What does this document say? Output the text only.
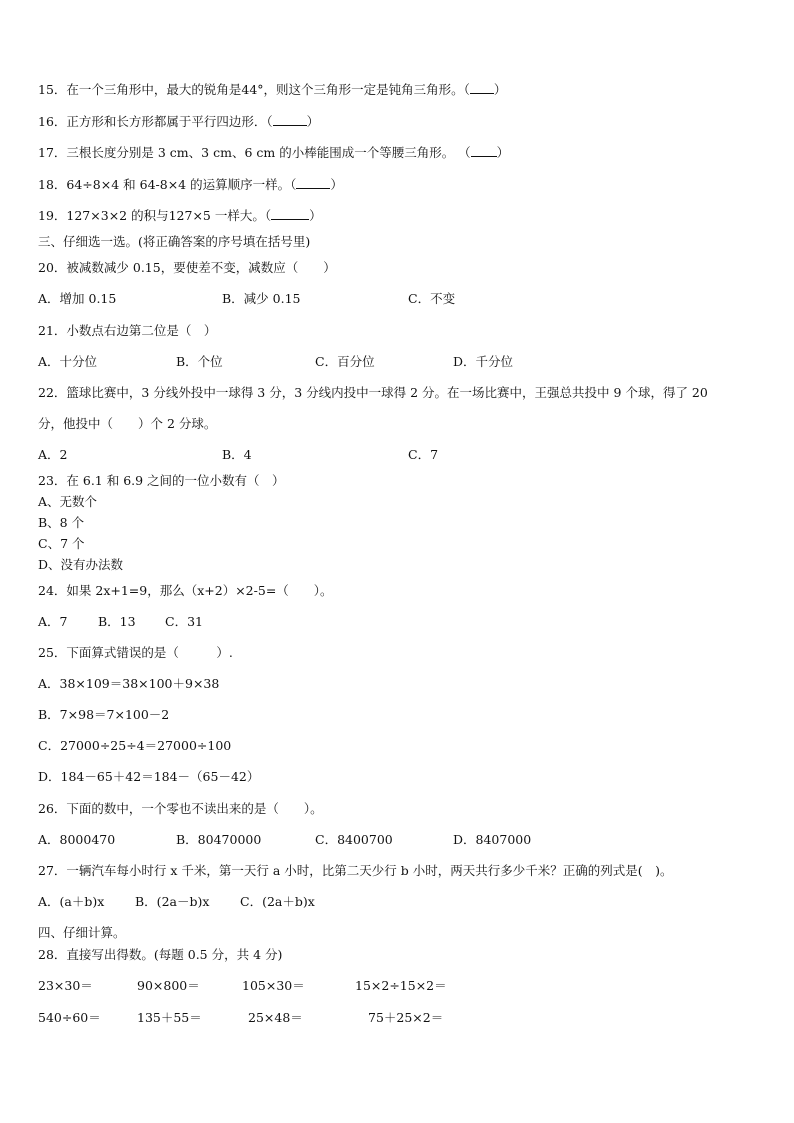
15．在一个三角形中，最大的锐角是44°，则这个三角形一定是钝角三角形。（ ）
16．正方形和长方形都属于平行四边形．（	）
17．三根长度分别是 3 cm、3 cm、6 cm 的小棒能围成一个等腰三角形。 （ ）
18．64÷8×4 和 64-8×4 的运算顺序一样。（	）
19．127×3×2 的积与127×5 一样大。（	）
三、仔细选一选。(将正确答案的序号填在括号里)
20．被减数减少 0.15，要使差不变，减数应（　　）
A．增加 0.15	B．减少 0.15	C．不变
21．小数点右边第二位是（　）
A．十分位	B．个位	C．百分位	D．千分位
22．篮球比赛中，3 分线外投中一球得 3 分，3 分线内投中一球得 2 分。在一场比赛中，王强总共投中 9 个球，得了 20
分，他投中（　　）个 2 分球。
A．2	B．4	C．7
23．在 6.1 和 6.9 之间的一位小数有（　）
A、无数个
B、8 个
C、7 个
D、没有办法数
24．如果 2x+1=9，那么（x+2）×2-5=（　　）。
A．7 B．13 C．31
25．下面算式错误的是（　　　）.
A．38×109＝38×100＋9×38
B．7×98＝7×100－2
C．27000÷25÷4＝27000÷100
D．184－65＋42＝184－（65－42）
26．下面的数中，一个零也不读出来的是（　　）。
A．8000470	B．80470000	C．8400700	D．8407000
27．一辆汽车每小时行 x 千米，第一天行 a 小时，比第二天少行 b 小时，两天共行多少千米？正确的列式是(　)。
A．(a＋b)x B．(2a－b)x C．(2a＋b)x
四、仔细计算。
28．直接写出得数。(每题 0.5 分，共 4 分)
23×30＝	90×800＝	105×30＝	15×2÷15×2＝
540÷60＝	135＋55＝	25×48＝	75＋25×2＝
